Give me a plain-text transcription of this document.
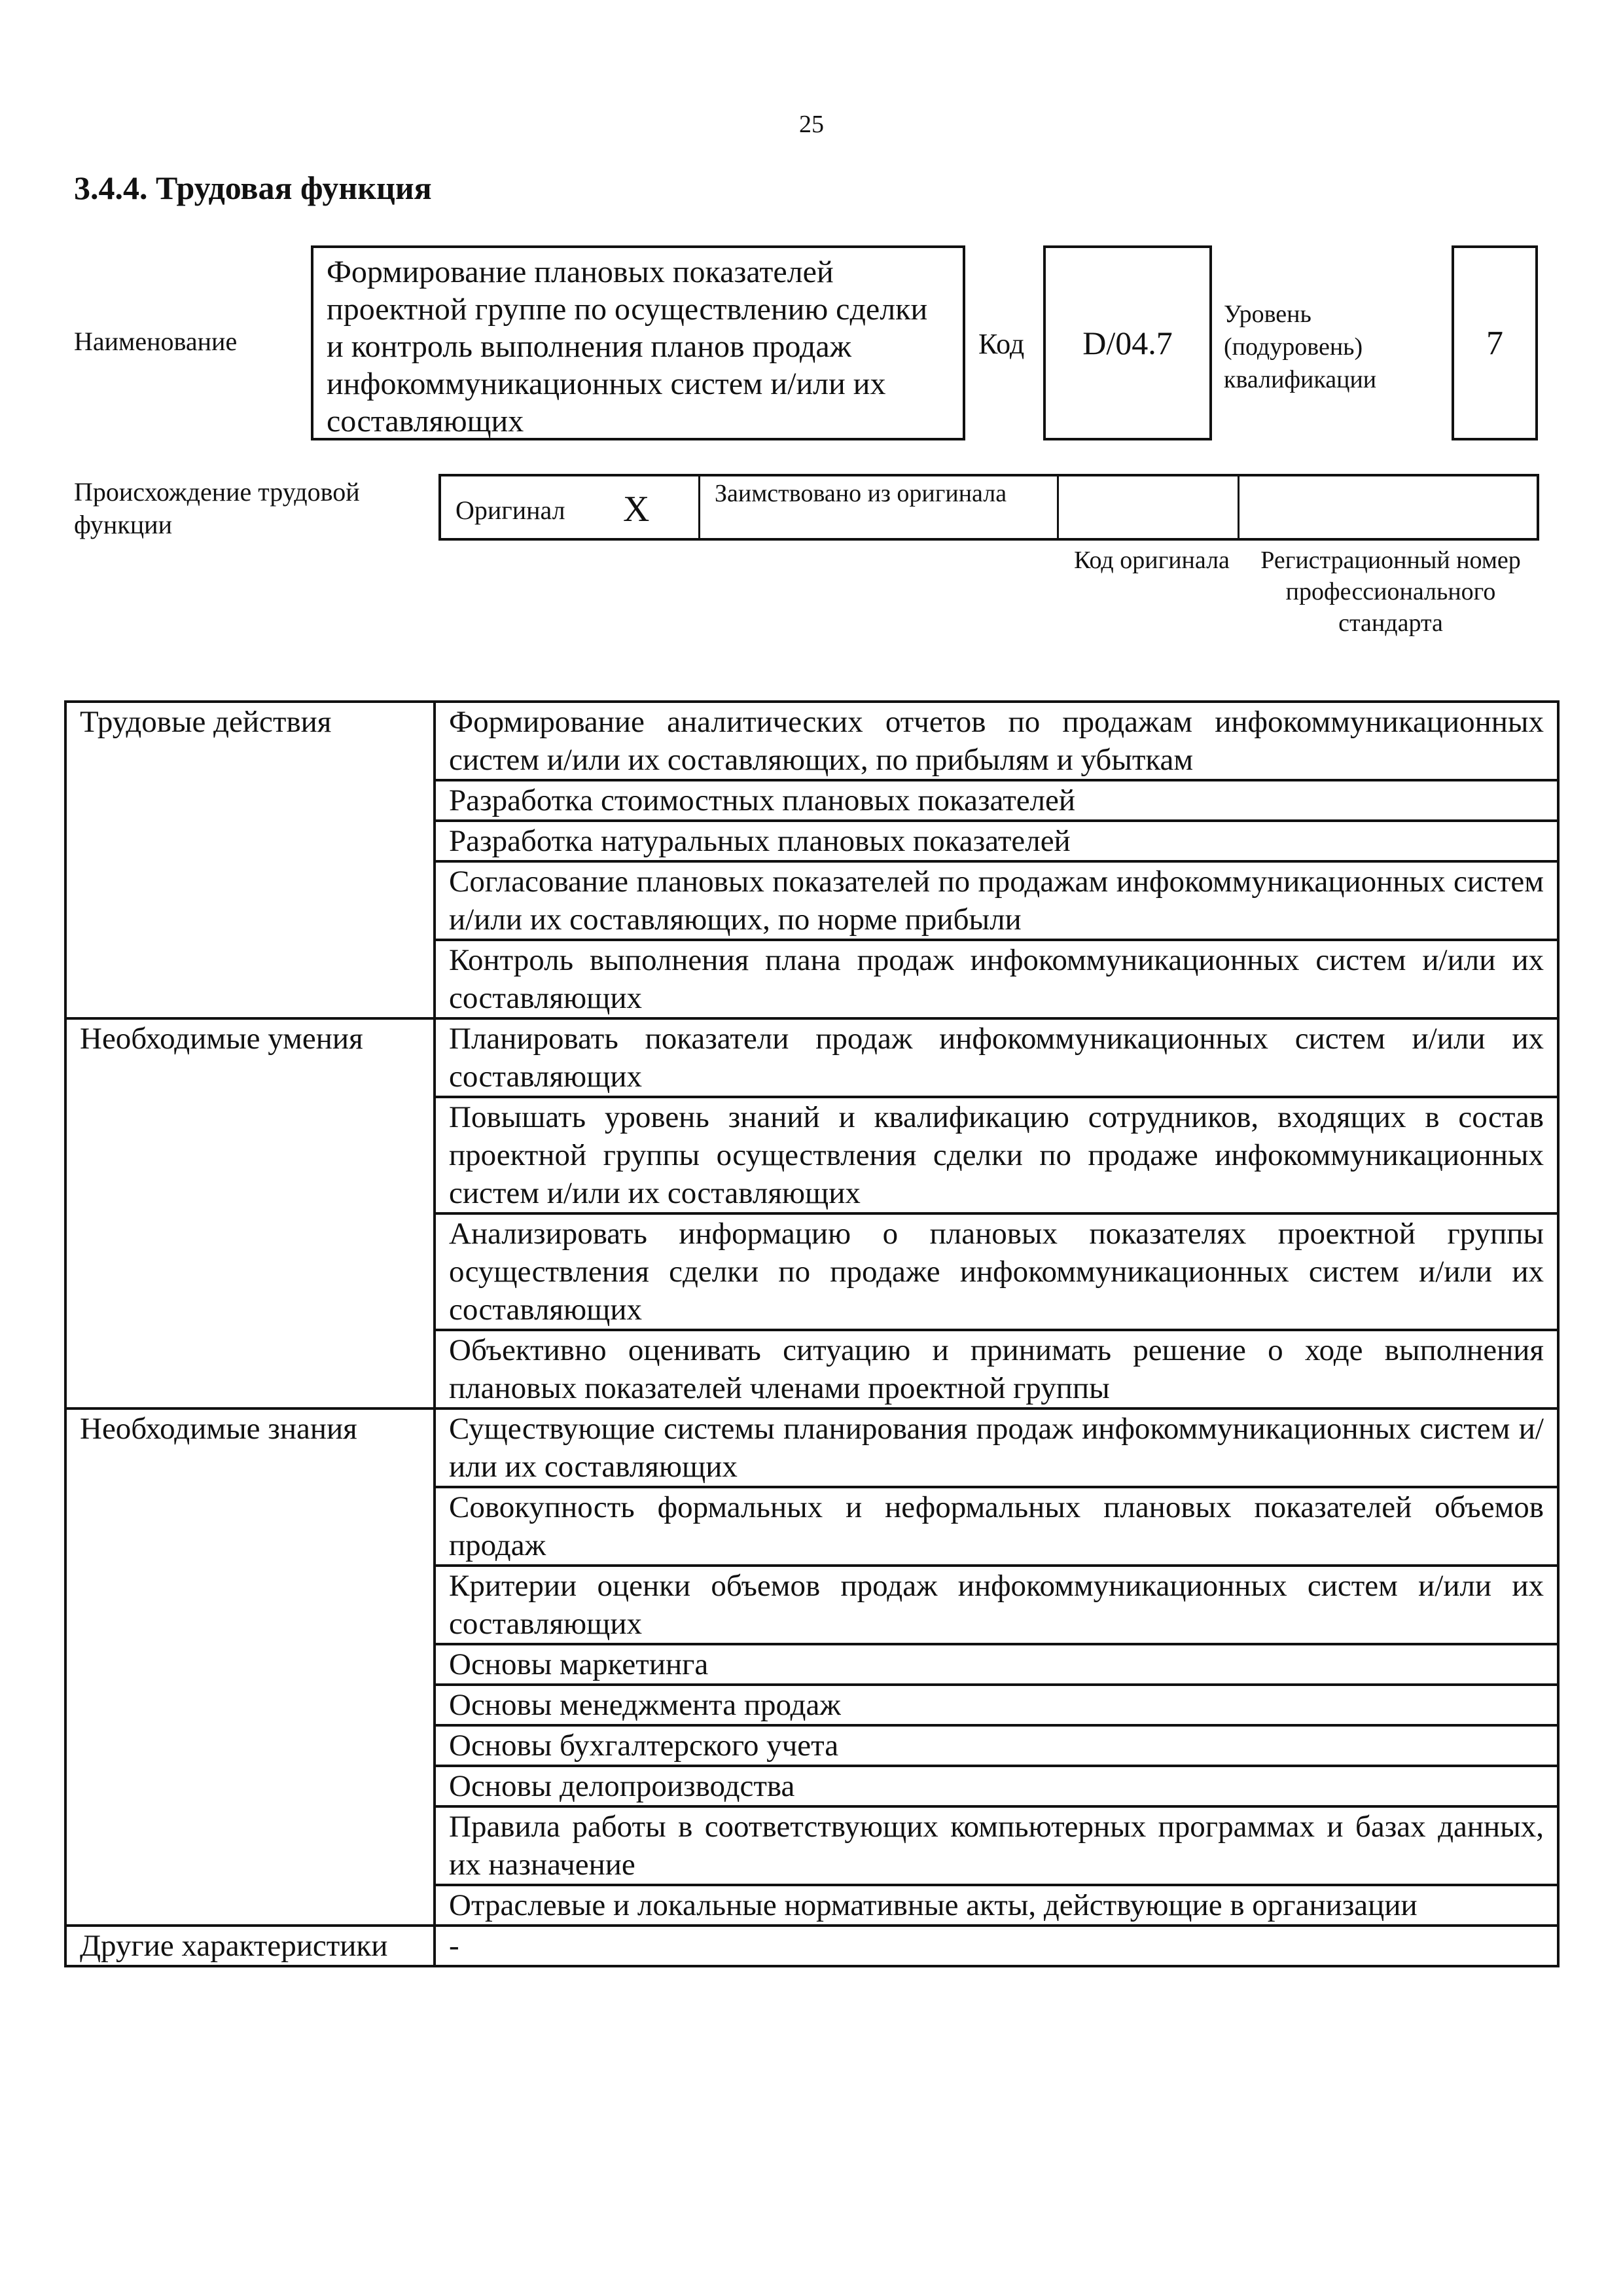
25
3.4.4. Трудовая функция
Наименование
Формирование плановых показателей проектной группе по осуществлению сделки и контроль выполнения планов продаж инфокоммуникационных систем и/или их составляющих
Код D/04.7
Уровень (подуровень) квалификации
7
Происхождение трудовой функции	Оригинал X	Заимствовано из оригинала
Код оригинала	Регистрационный номер профессионального стандарта
Трудовые действия	Формирование аналитических отчетов по продажам инфокоммуникационных систем и/или их составляющих, по прибылям и убыткам
	Разработка стоимостных плановых показателей
	Разработка натуральных плановых показателей
	Согласование плановых показателей по продажам инфокоммуникационных систем и/или их составляющих, по норме прибыли
	Контроль выполнения плана продаж инфокоммуникационных систем и/или их составляющих
Необходимые умения	Планировать показатели продаж инфокоммуникационных систем и/или их составляющих
	Повышать уровень знаний и квалификацию сотрудников, входящих в состав проектной группы осуществления сделки по продаже инфокоммуникационных систем и/или их составляющих
	Анализировать информацию о плановых показателях проектной группы осуществления сделки по продаже инфокоммуникационных систем и/или их составляющих
	Объективно оценивать ситуацию и принимать решение о ходе выполнения плановых показателей членами проектной группы
Необходимые знания	Существующие системы планирования продаж инфокоммуникационных систем и/или их составляющих
	Совокупность формальных и неформальных плановых показателей объемов продаж
	Критерии оценки объемов продаж инфокоммуникационных систем и/или их составляющих
	Основы маркетинга
	Основы менеджмента продаж
	Основы бухгалтерского учета
	Основы делопроизводства
	Правила работы в соответствующих компьютерных программах и базах данных, их назначение
	Отраслевые и локальные нормативные акты, действующие в организации
Другие характеристики	-
